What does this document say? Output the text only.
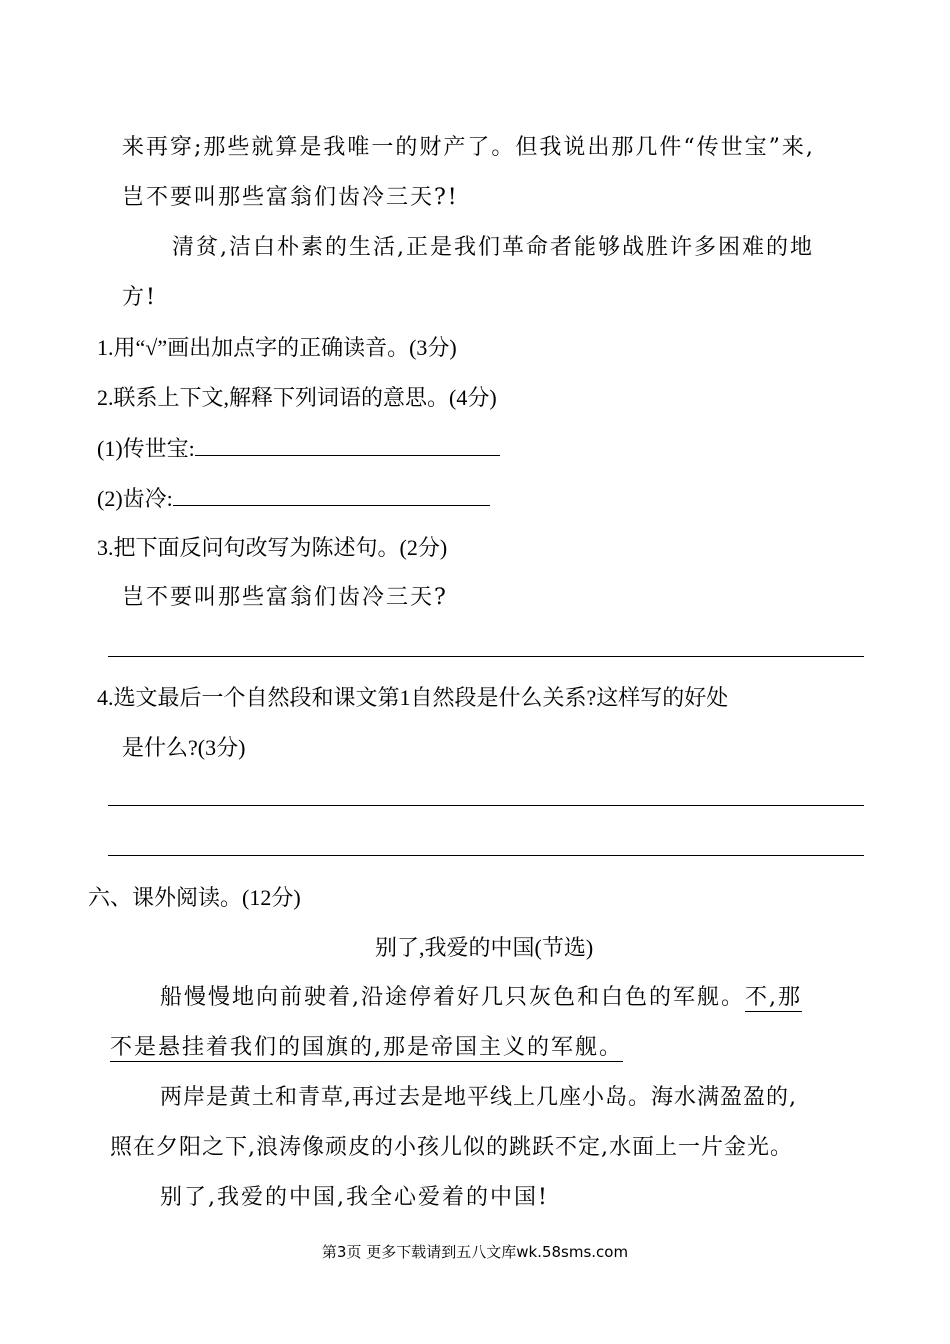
来再穿;那些就算是我唯一的财产了。但我说出那几件“传世宝”来,
岂不要叫那些富翁们齿冷三天?!
清贫,洁白朴素的生活,正是我们革命者能够战胜许多困难的地
方!
1.用“√”画出加点字的正确读音。(3分)
2.联系上下文,解释下列词语的意思。(4分)
(1)传世宝:
(2)齿冷:
3.把下面反问句改写为陈述句。(2分)
岂不要叫那些富翁们齿冷三天?
4.选文最后一个自然段和课文第1自然段是什么关系?这样写的好处
是什么?(3分)
六、课外阅读。(12分)
别了,我爱的中国(节选)
船慢慢地向前驶着,沿途停着好几只灰色和白色的军舰。不,那
不是悬挂着我们的国旗的,那是帝国主义的军舰。
两岸是黄土和青草,再过去是地平线上几座小岛。海水满盈盈的,
照在夕阳之下,浪涛像顽皮的小孩儿似的跳跃不定,水面上一片金光。
别了,我爱的中国,我全心爱着的中国!
第3页 更多下载请到五八文库wk.58sms.com
